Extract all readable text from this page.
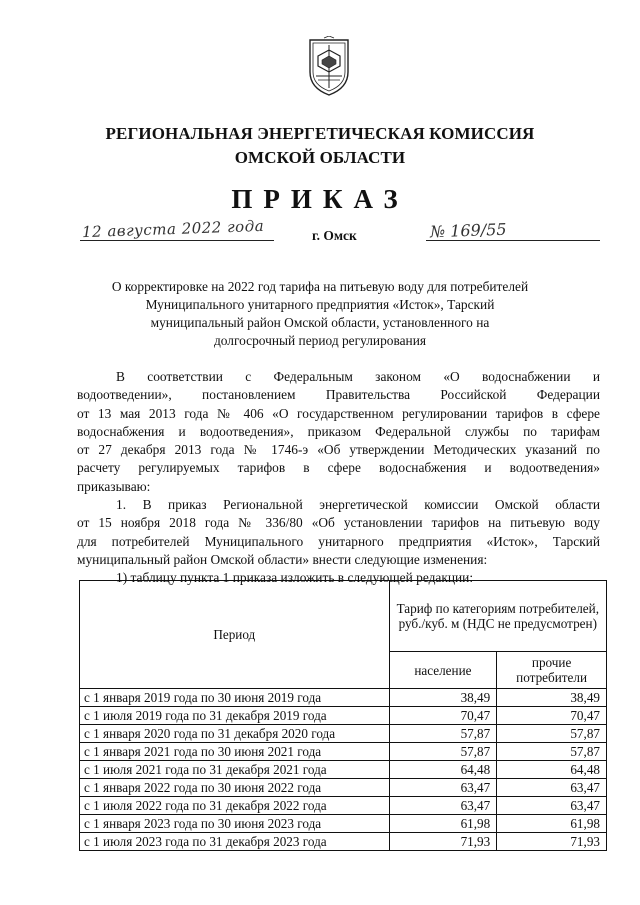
РЕГИОНАЛЬНАЯ ЭНЕРГЕТИЧЕСКАЯ КОМИССИЯ
ОМСКОЙ ОБЛАСТИ
ПРИКАЗ
12 августа 2022 года	г. Омск	№ 169/55
О корректировке на 2022 год тарифа на питьевую воду для потребителей
Муниципального унитарного предприятия «Исток», Тарский
муниципальный район Омской области, установленного на
долгосрочный период регулирования
В соответствии с Федеральным законом «О водоснабжении и
водоотведении», постановлением Правительства Российской Федерации
от 13 мая 2013 года № 406 «О государственном регулировании тарифов в сфере
водоснабжения и водоотведения», приказом Федеральной службы по тарифам
от 27 декабря 2013 года № 1746-э «Об утверждении Методических указаний по
расчету регулируемых тарифов в сфере водоснабжения и водоотведения»
приказываю:
1. В приказ Региональной энергетической комиссии Омской области
от 15 ноября 2018 года № 336/80 «Об установлении тарифов на питьевую воду
для потребителей Муниципального унитарного предприятия «Исток», Тарский
муниципальный район Омской области» внести следующие изменения:
1) таблицу пункта 1 приказа изложить в следующей редакции:
Период	Тариф по категориям потребителей, руб./куб. м (НДС не предусмотрен)	
	население	прочие потребители
с 1 января 2019 года по 30 июня 2019 года	38,49	38,49
с 1 июля 2019 года по 31 декабря 2019 года	70,47	70,47
с 1 января 2020 года по 31 декабря 2020 года	57,87	57,87
с 1 января 2021 года по 30 июня 2021 года	57,87	57,87
с 1 июля 2021 года по 31 декабря 2021 года	64,48	64,48
с 1 января 2022 года по 30 июня 2022 года	63,47	63,47
с 1 июля 2022 года по 31 декабря 2022 года	63,47	63,47
с 1 января 2023 года по 30 июня 2023 года	61,98	61,98
с 1 июля 2023 года по 31 декабря 2023 года	71,93	71,93
